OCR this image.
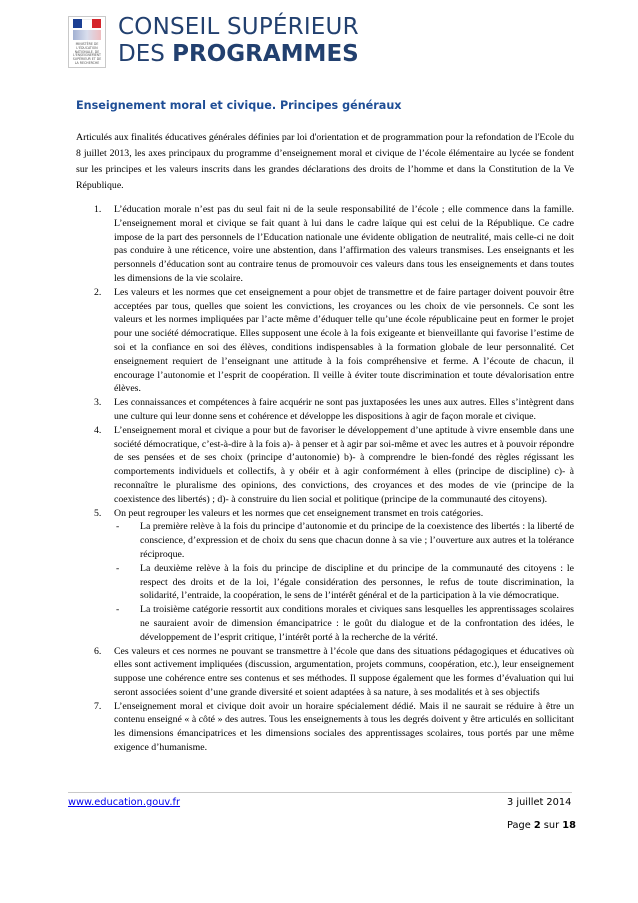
MINISTÈRE DE L'ÉDUCATION NATIONALE, DE L'ENSEIGNEMENT SUPÉRIEUR ET DE LA RECHERCHE
CONSEIL SUPÉRIEUR
DES PROGRAMMES
Enseignement moral et civique. Principes généraux

Articulés aux finalités éducatives générales définies par loi d'orientation et de programmation pour la refondation de l'Ecole du 8 juillet 2013, les axes principaux du programme d’enseignement moral et civique de l’école élémentaire au lycée se fondent sur les principes et les valeurs inscrits dans les grandes déclarations des droits de l’homme et dans la Constitution de la Ve République.

1.	L’éducation morale n’est pas du seul fait ni de la seule responsabilité de l’école ; elle commence dans la famille. L’enseignement moral et civique se fait quant à lui dans le cadre laïque qui est celui de la République. Ce cadre impose de la part des personnels de l’Education nationale une évidente obligation de neutralité, mais celle-ci ne doit pas conduire à une réticence, voire une abstention, dans l’affirmation des valeurs transmises. Les enseignants et les personnels d’éducation sont au contraire tenus de promouvoir ces valeurs dans tous les enseignements et dans toutes les dimensions de la vie scolaire.
2.	Les valeurs et les normes que cet enseignement a pour objet de transmettre et de faire partager doivent pouvoir être acceptées par tous, quelles que soient les convictions, les croyances ou les choix de vie personnels. Ce sont les valeurs et les normes impliquées par l’acte même d’éduquer telle qu’une école républicaine peut en former le projet pour une société démocratique. Elles supposent une école à la fois exigeante et bienveillante qui favorise l’estime de soi et la confiance en soi des élèves, conditions indispensables à la formation globale de leur personnalité. Cet enseignement requiert de l’enseignant une attitude à la fois compréhensive et ferme. A l’écoute de chacun, il encourage l’autonomie et l’esprit de coopération. Il veille à éviter toute discrimination et toute dévalorisation entre élèves.
3.	Les connaissances et compétences à faire acquérir ne sont pas juxtaposées les unes aux autres. Elles s’intègrent dans une culture qui leur donne sens et cohérence et développe les dispositions à agir de façon morale et civique.
4.	L’enseignement moral et civique a pour but de favoriser le développement d’une aptitude à vivre ensemble dans une société démocratique, c’est-à-dire à la fois a)- à penser et à agir par soi-même et avec les autres et à pouvoir répondre de ses pensées et de ses choix (principe d’autonomie) b)- à comprendre le bien-fondé des règles régissant les comportements individuels et collectifs, à y obéir et à agir conformément à elles (principe de discipline) c)- à reconnaître le pluralisme des opinions, des convictions, des croyances et des modes de vie (principe de la coexistence des libertés) ; d)- à construire du lien social et politique (principe de la communauté des citoyens).
5.	On peut regrouper les valeurs et les normes que cet enseignement transmet en trois catégories.
- La première relève à la fois du principe d’autonomie et du principe de la coexistence des libertés : la liberté de conscience, d’expression et de choix du sens que chacun donne à sa vie ; l’ouverture aux autres et la tolérance réciproque.
- La deuxième relève à la fois du principe de discipline et du principe de la communauté des citoyens : le respect des droits et de la loi, l’égale considération des personnes, le refus de toute discrimination, la solidarité, l’entraide, la coopération, le sens de l’intérêt général et de la participation à la vie démocratique.
- La troisième catégorie ressortit aux conditions morales et civiques sans lesquelles les apprentissages scolaires ne sauraient avoir de dimension émancipatrice : le goût du dialogue et de la confrontation des idées, le développement de l’esprit critique, l’intérêt porté à la recherche de la vérité.
6.	Ces valeurs et ces normes ne pouvant se transmettre à l’école que dans des situations pédagogiques et éducatives où elles sont activement impliquées (discussion, argumentation, projets communs, coopération, etc.), leur enseignement suppose une cohérence entre ses contenus et ses méthodes. Il suppose également que les formes d’évaluation qui lui seront associées soient d’une grande diversité et soient adaptées à sa nature, à ses modalités et à ses objectifs
7.	L’enseignement moral et civique doit avoir un horaire spécialement dédié. Mais il ne saurait se réduire à être un contenu enseigné « à côté » des autres. Tous les enseignements à tous les degrés doivent y être articulés en sollicitant les dimensions émancipatrices et les dimensions sociales des apprentissages scolaires, tous portés par une même exigence d’humanisme.
www.education.gouv.fr	3 juillet 2014
Page 2 sur 18
